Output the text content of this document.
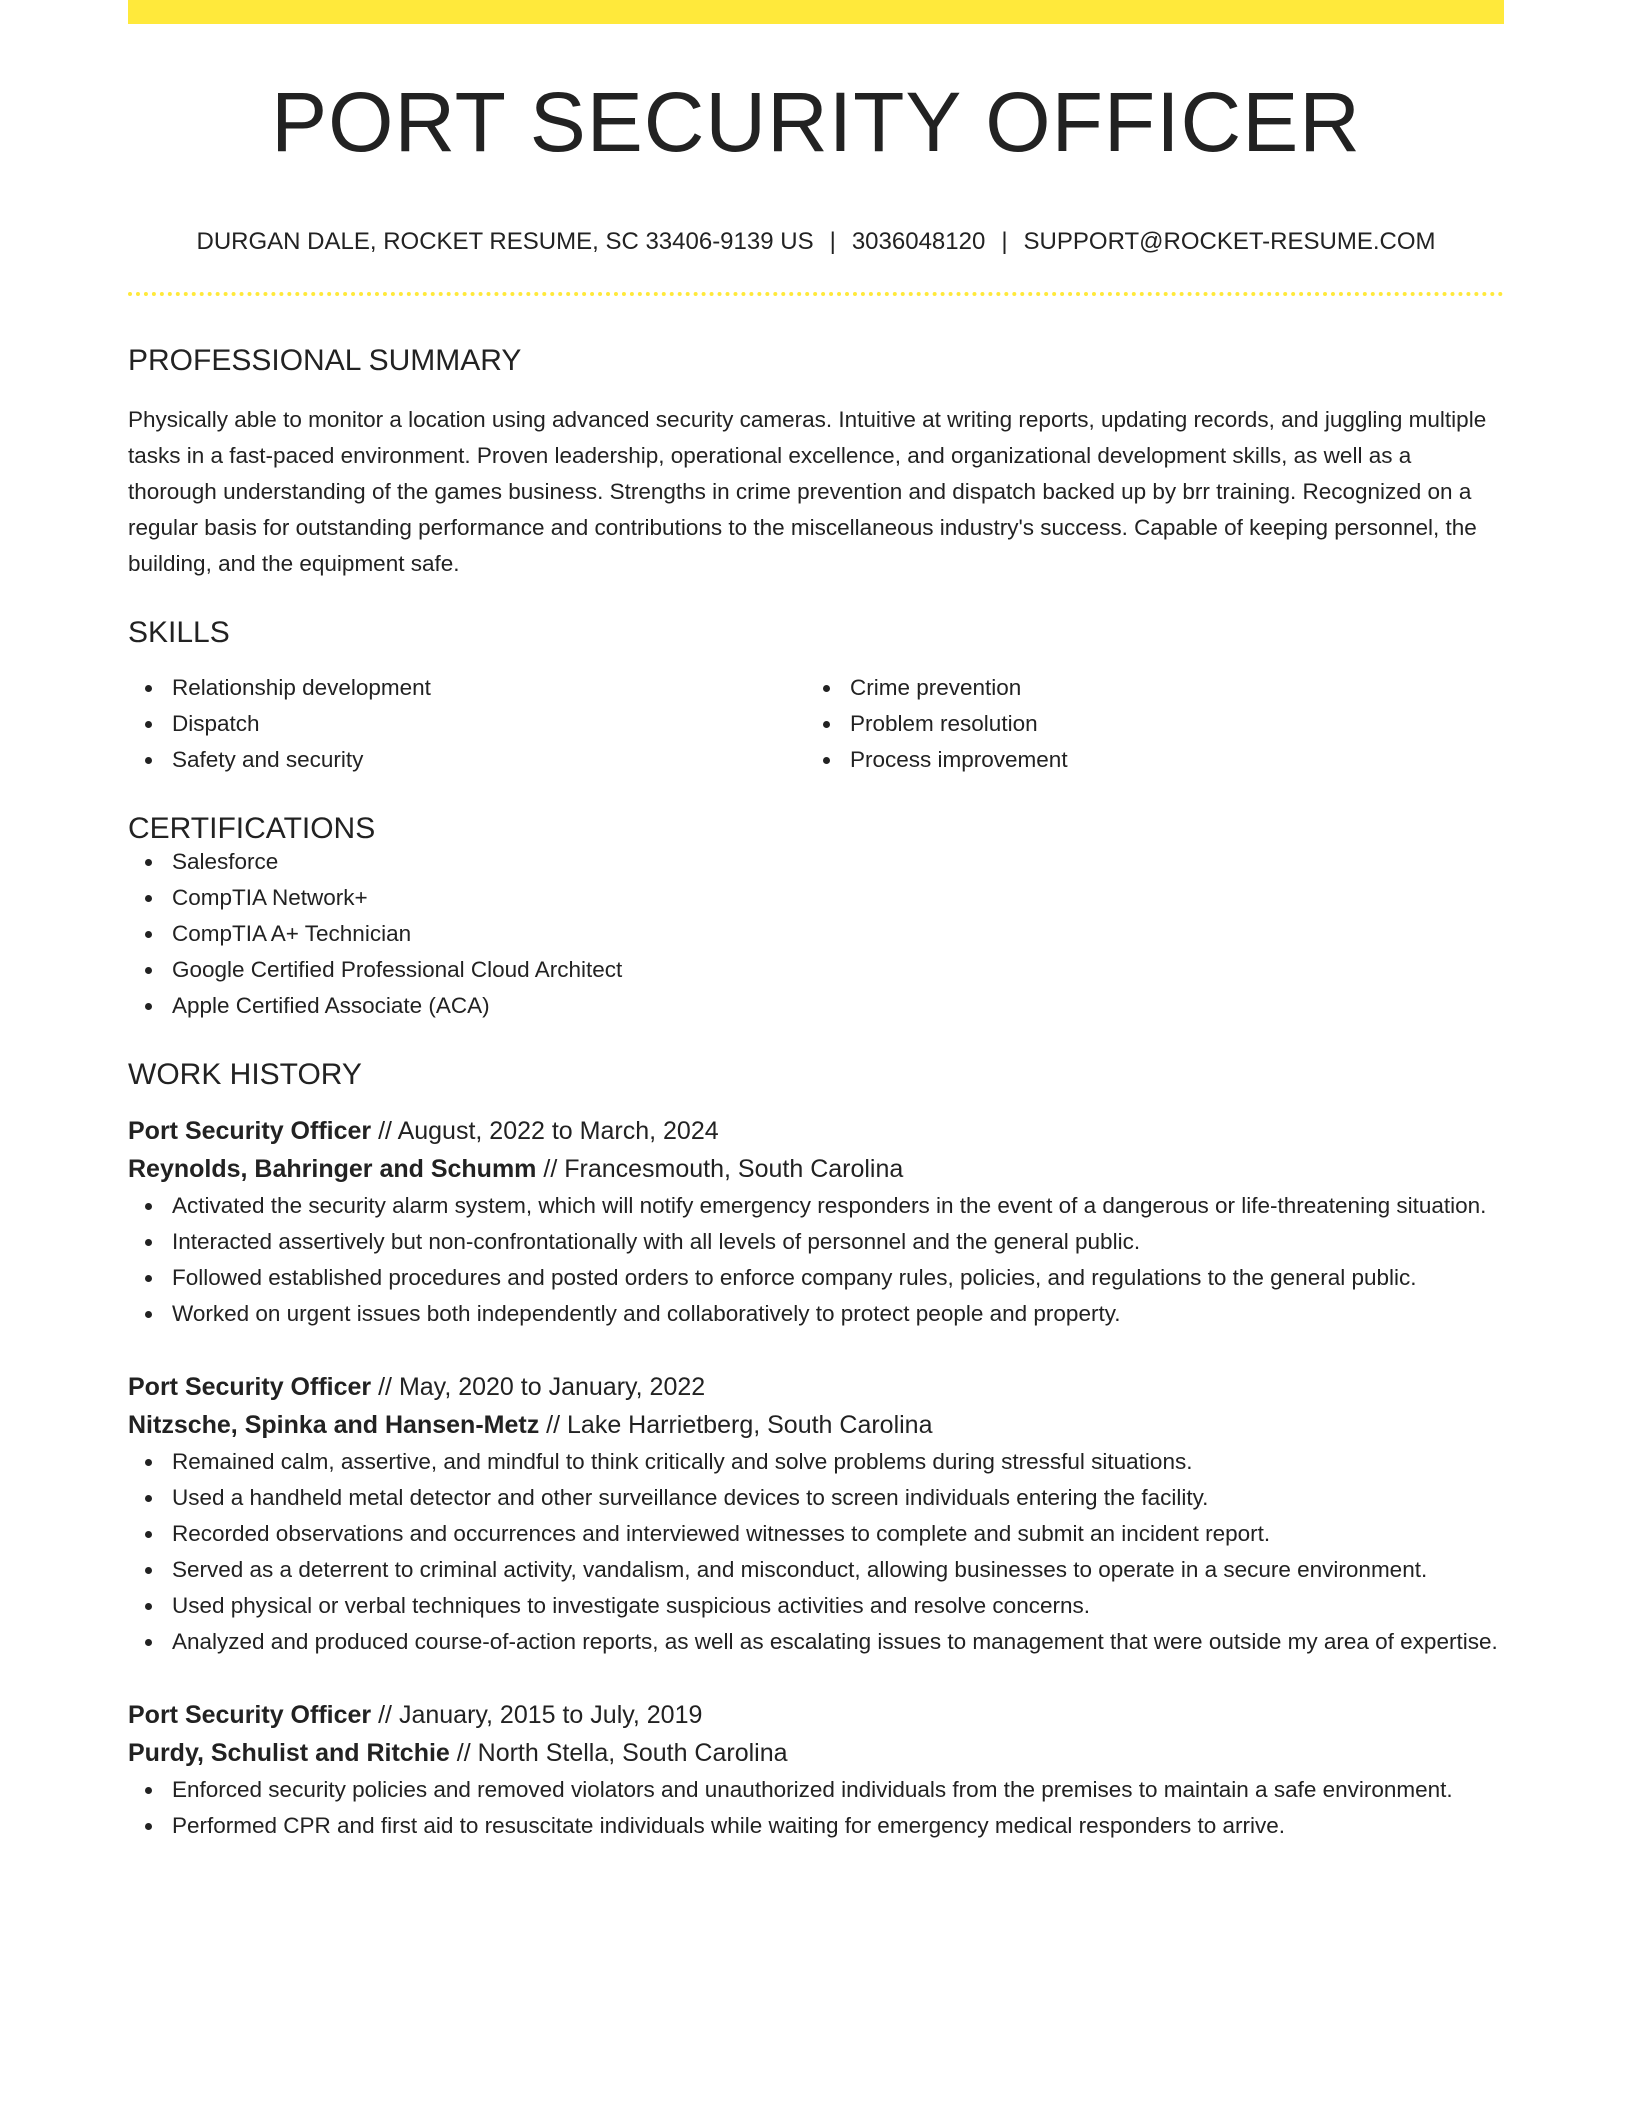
PORT SECURITY OFFICER
DURGAN DALE, ROCKET RESUME, SC 33406-9139 US | 3036048120 | SUPPORT@ROCKET-RESUME.COM
PROFESSIONAL SUMMARY

Physically able to monitor a location using advanced security cameras. Intuitive at writing reports, updating records, and juggling multiple tasks in a fast-paced environment. Proven leadership, operational excellence, and organizational development skills, as well as a thorough understanding of the games business. Strengths in crime prevention and dispatch backed up by brr training. Recognized on a regular basis for outstanding performance and contributions to the miscellaneous industry's success. Capable of keeping personnel, the building, and the equipment safe.

SKILLS
Relationship development
Dispatch
Safety and security
Crime prevention
Problem resolution
Process improvement
CERTIFICATIONS
Salesforce
CompTIA Network+
CompTIA A+ Technician
Google Certified Professional Cloud Architect
Apple Certified Associate (ACA)
WORK HISTORY
Port Security Officer // August, 2022 to March, 2024
Reynolds, Bahringer and Schumm // Francesmouth, South Carolina
Activated the security alarm system, which will notify emergency responders in the event of a dangerous or life-threatening situation.
Interacted assertively but non-confrontationally with all levels of personnel and the general public.
Followed established procedures and posted orders to enforce company rules, policies, and regulations to the general public.
Worked on urgent issues both independently and collaboratively to protect people and property.
Port Security Officer // May, 2020 to January, 2022
Nitzsche, Spinka and Hansen-Metz // Lake Harrietberg, South Carolina
Remained calm, assertive, and mindful to think critically and solve problems during stressful situations.
Used a handheld metal detector and other surveillance devices to screen individuals entering the facility.
Recorded observations and occurrences and interviewed witnesses to complete and submit an incident report.
Served as a deterrent to criminal activity, vandalism, and misconduct, allowing businesses to operate in a secure environment.
Used physical or verbal techniques to investigate suspicious activities and resolve concerns.
Analyzed and produced course-of-action reports, as well as escalating issues to management that were outside my area of expertise.
Port Security Officer // January, 2015 to July, 2019
Purdy, Schulist and Ritchie // North Stella, South Carolina
Enforced security policies and removed violators and unauthorized individuals from the premises to maintain a safe environment.
Performed CPR and first aid to resuscitate individuals while waiting for emergency medical responders to arrive.
